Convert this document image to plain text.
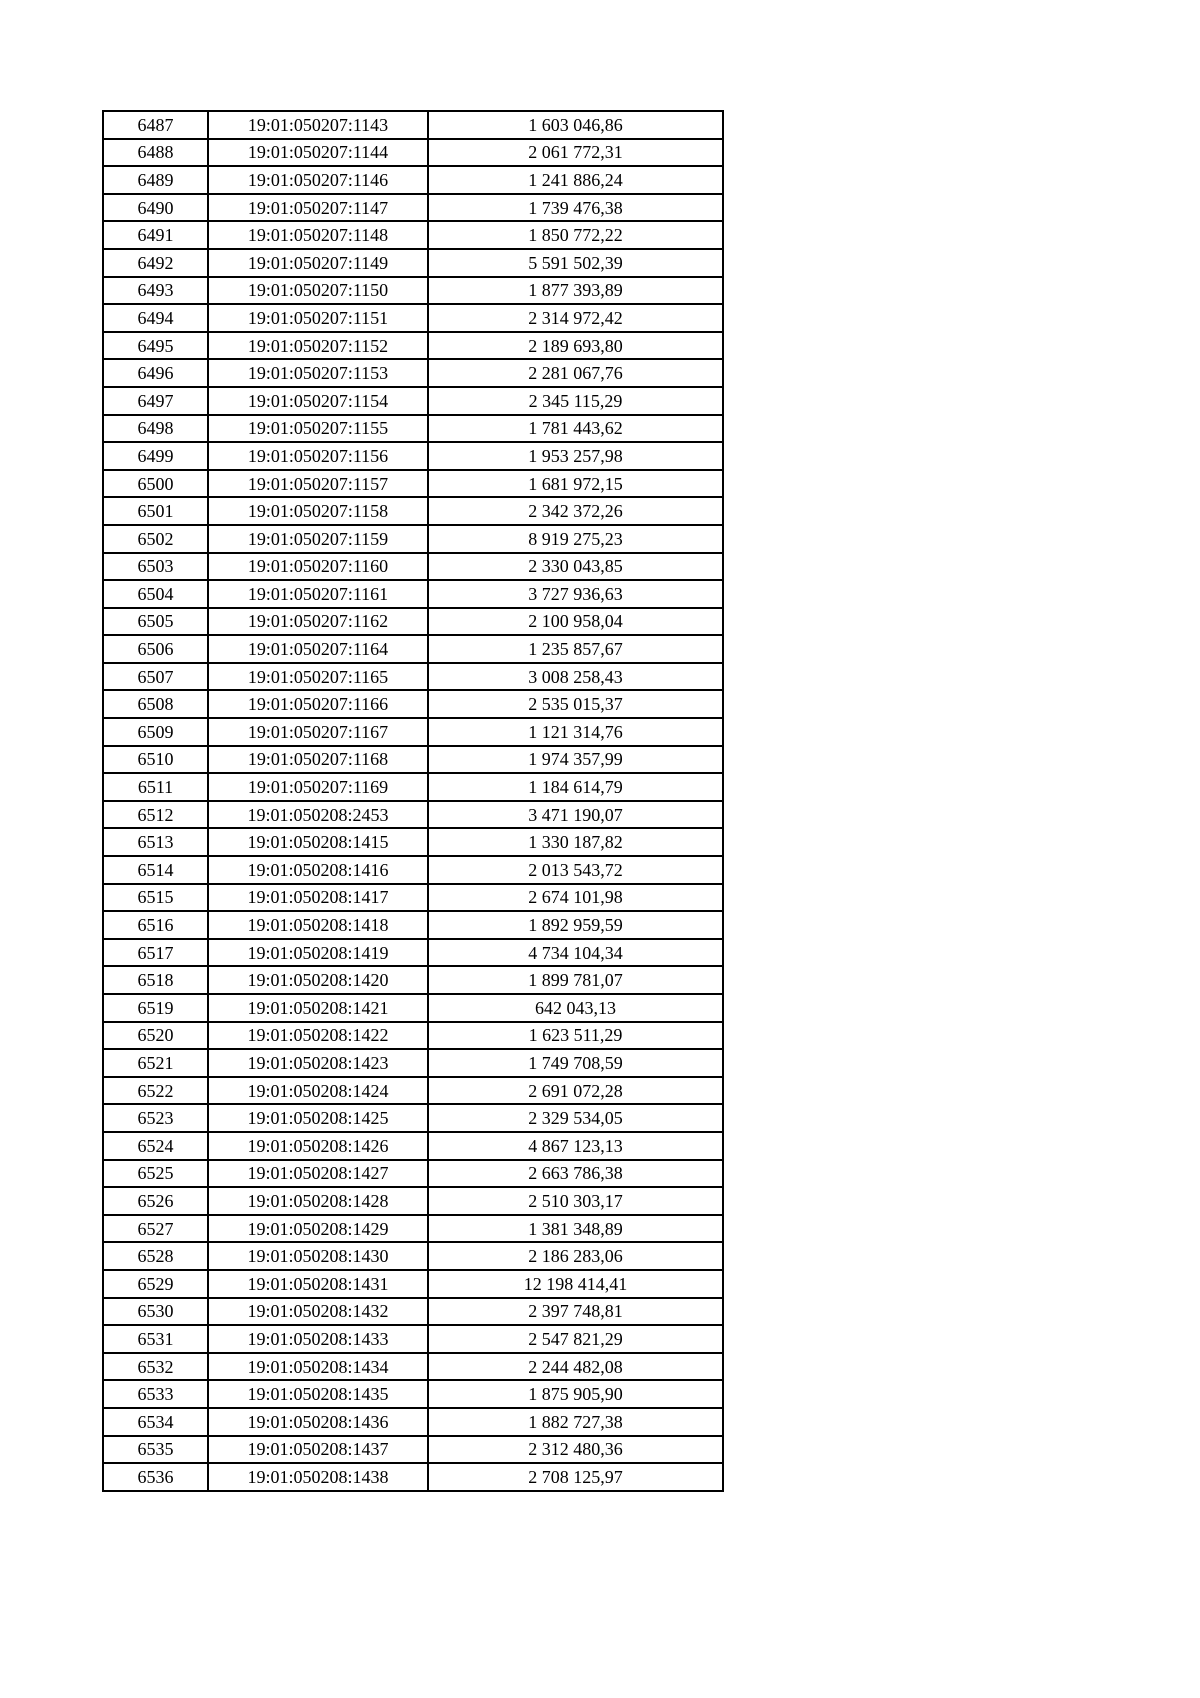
6487	19:01:050207:1143	1 603 046,86
6488	19:01:050207:1144	2 061 772,31
6489	19:01:050207:1146	1 241 886,24
6490	19:01:050207:1147	1 739 476,38
6491	19:01:050207:1148	1 850 772,22
6492	19:01:050207:1149	5 591 502,39
6493	19:01:050207:1150	1 877 393,89
6494	19:01:050207:1151	2 314 972,42
6495	19:01:050207:1152	2 189 693,80
6496	19:01:050207:1153	2 281 067,76
6497	19:01:050207:1154	2 345 115,29
6498	19:01:050207:1155	1 781 443,62
6499	19:01:050207:1156	1 953 257,98
6500	19:01:050207:1157	1 681 972,15
6501	19:01:050207:1158	2 342 372,26
6502	19:01:050207:1159	8 919 275,23
6503	19:01:050207:1160	2 330 043,85
6504	19:01:050207:1161	3 727 936,63
6505	19:01:050207:1162	2 100 958,04
6506	19:01:050207:1164	1 235 857,67
6507	19:01:050207:1165	3 008 258,43
6508	19:01:050207:1166	2 535 015,37
6509	19:01:050207:1167	1 121 314,76
6510	19:01:050207:1168	1 974 357,99
6511	19:01:050207:1169	1 184 614,79
6512	19:01:050208:2453	3 471 190,07
6513	19:01:050208:1415	1 330 187,82
6514	19:01:050208:1416	2 013 543,72
6515	19:01:050208:1417	2 674 101,98
6516	19:01:050208:1418	1 892 959,59
6517	19:01:050208:1419	4 734 104,34
6518	19:01:050208:1420	1 899 781,07
6519	19:01:050208:1421	642 043,13
6520	19:01:050208:1422	1 623 511,29
6521	19:01:050208:1423	1 749 708,59
6522	19:01:050208:1424	2 691 072,28
6523	19:01:050208:1425	2 329 534,05
6524	19:01:050208:1426	4 867 123,13
6525	19:01:050208:1427	2 663 786,38
6526	19:01:050208:1428	2 510 303,17
6527	19:01:050208:1429	1 381 348,89
6528	19:01:050208:1430	2 186 283,06
6529	19:01:050208:1431	12 198 414,41
6530	19:01:050208:1432	2 397 748,81
6531	19:01:050208:1433	2 547 821,29
6532	19:01:050208:1434	2 244 482,08
6533	19:01:050208:1435	1 875 905,90
6534	19:01:050208:1436	1 882 727,38
6535	19:01:050208:1437	2 312 480,36
6536	19:01:050208:1438	2 708 125,97
